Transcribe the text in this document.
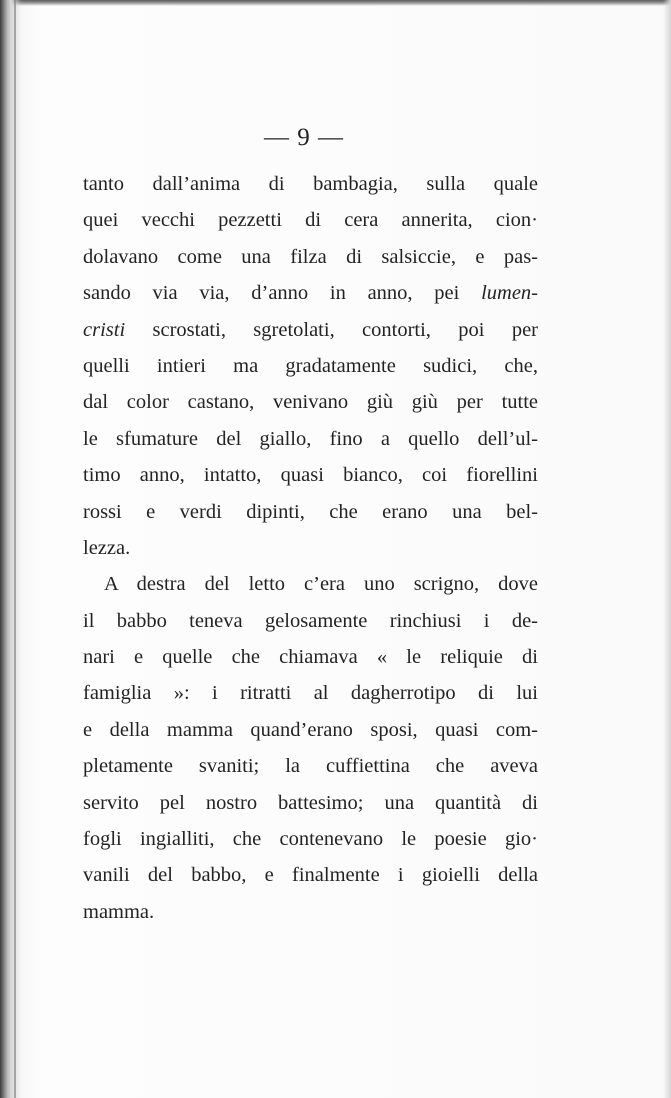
— 9 —
tanto dall’anima di bambagia, sulla quale
quei vecchi pezzetti di cera annerita, cion·
dolavano come una filza di salsiccie, e pas-
sando via via, d’anno in anno, pei lumen-
cristi scrostati, sgretolati, contorti, poi per
quelli intieri ma gradatamente sudici, che,
dal color castano, venivano giù giù per tutte
le sfumature del giallo, fino a quello dell’ul-
timo anno, intatto, quasi bianco, coi fiorellini
rossi e verdi dipinti, che erano una bel-
lezza.
A destra del letto c’era uno scrigno, dove
il babbo teneva gelosamente rinchiusi i de-
nari e quelle che chiamava « le reliquie di
famiglia »: i ritratti al dagherrotipo di lui
e della mamma quand’erano sposi, quasi com-
pletamente svaniti; la cuffiettina che aveva
servito pel nostro battesimo; una quantità di
fogli ingialliti, che contenevano le poesie gio·
vanili del babbo, e finalmente i gioielli della
mamma.
